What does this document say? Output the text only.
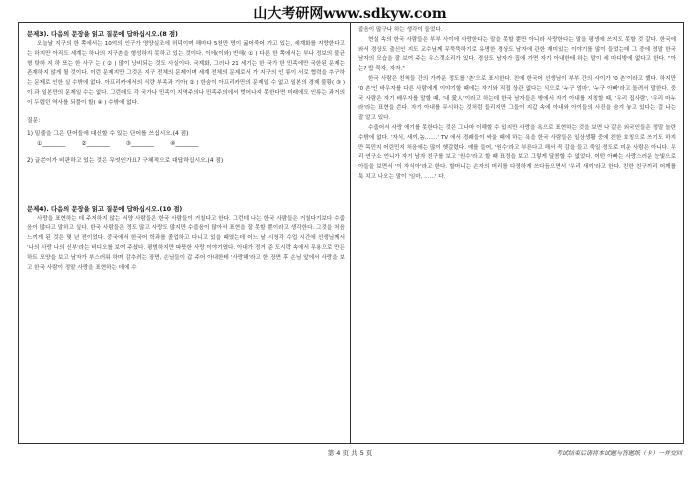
山大考研网www.sdkyw.com
문제3). 다음의 문장을 읽고 질문에 답하십시오.(8 점)

오늘날 지구의 한 쪽에서는 10억의 인구가 영양실조에 허덕이며 해마다 5천만 명이 굶어죽어 가고 있는, 세계화를 지향한다고는 하지만 아직도 세계는 하나의 지구촌을 형성하지 못하고 있는 것이다. 이에(이와) 반해( ① ) 다른 한 쪽에서는 부나 정보의 불균형 탓하 지 하 또는 한 사구 는 ( ② ) 많이 낭비되는 것도 사실이다. 국제화, 그러나 21 세기는 한 국가 한 민족에만 국한된 문제는 존재하지 않게 될 것이다. 이런 문제지만 그것은 지구 전체의 문제이며 세계 전체의 문제로서 가 지구의 인 류이 서로 협력을 추구하는 문제로 인한 실 수밖에 없다. 아프리카에서의 식량 부족과 기아( ② ) 한숨이 아프리카만의 문제일 수 없고 일본의 경제 불황( ③ ) 이 과 일본만의 문제일 수는 없다. 그런데도 각 국가나 민족이 지역주의나 민족주의에서 벗어나지 못한다면 미래에도 인류는 과거의 이 두렵던 역사를 되풀이 할( ④ ) 수밖에 없다.

질문:
1) 밑줄을 그은 단어들에 대신할 수 있는 단어를 쓰십시오.(4 점)
①________	②________	③________	④________
2) 글쓴이가 비판하고 있는 것은 무엇인가요? 구체적으로 대답하십시오.(4 점)
문제4). 다음의 문장을 읽고 질문에 답하십시오.(10 점)

사랑을 표현하는 데 주저하지 않는 서양 사람들은 한국 사람들이 거칠다고 한다. 그런데 나는 한국 사람들은 거칠다기보다 수줍음이 많다고 말하고 싶다. 한국 사람들은 정도 많고 사랑도 많지만 수줍음이 많아서 표현을 잘 못할 뿐이라고 생각한다. 그것을 처음 느끼게 된 것은 몇 년 전이었다. 중국에서 한국어 학과를 졸업하고 다니고 있을 때였는데 어느 날 시청각 수업 시간에 선생님께서 '나의 사랑 나의 신부'라는 비디오를 보여 주셨다. 평범하지만 따뜻한 사랑 이야기였다. 아내가 정거 준 도시락 속에서 무용으로 만든 하트 모양을 보고 남자가 부스러워 하며 감추려는 장면, 손님들이 갑 주어 아내한테 '사랑해'라고 한 장면 후 손님 앞에서 사랑을 보고 한국 사람이 정말 사랑을 표현하는 데에 수

줍음이 많구나 하는 생각이 들었다.

현실 속의 한국 사람들은 부부 사이에 사랑한다는 말을 못할 뿐만 아니라 사랑한다는 말을 평생에 쓰지도 못할 것 같다. 한국에 와서 경상도 출신인 지도 교수님께 무뚝뚝하기로 유명한 경상도 남자에 관한 재미있는 이야기를 많이 들었는데 그 중에 정말 한국 남자의 모습을 잘 보여 주는 우스갯소리가 있다. 경상도 남자가 집에 가면 자기 아내한테 하는 말이 세 마디밖에 없다고 한다. "아는? 밥 묵자, 자자."

한국 사람은 친척들 간의 가까운 정도를 '촌'으로 표시한다. 친에 한국어 선생님이 부부 간의 사이가 '0 촌'이라고 했다. 하지만 '0 촌'인 바우자를 다른 사람에게 이야기할 때에는 자기와 직접 상관 없다는 식으로 '누구 엄마', '누구 아빠'라고 돌려서 말한다. 중국 사람은 자기 배우자를 말할 때, '내 愛人'이라고 하는데 한국 남자들은 밖에서 자기 아내를 지칭할 때, '우리 집사람', '우리 마누라'라는 표현을 쓴다. 자기 아내를 무시하는 것처럼 들리지만 그들이 지갑 속에 아내와 아이들의 사진을 숨겨 놓고 있다는 걸 나는 잘 알고 있다.

수줍어서 사랑 에기를 못한다는 것은 그나마 이해할 수 있지만 사랑을 욕으로 표현하는 것을 보면 나 같은 외국인들은 정말 놀란 수밖에 없다. '자식, 새끼,놈,......' TV 에서 경쾌들이 싸울 때에 하는 욕을 한국 사람들은 일상생활 중에 친한 호칭으로 쓰기도 하지만 목민지 어린민지 처음에는 많이 헷갈렸다. 예를 들어, '원수'라고 부른다고 해서 꼭 감을 들고 죽일 정도로 미운 사람은 아니다. 우리 연구소 언니가 자기 남자 친구를 보고 '원수'라고 할 때 표정을 보고 그렇게 달콤할 수 없었다. 어떤 아빠는 사랑스러운 눈빛으로 아들을 보면서 '이 자식아'라고 한다. 할머니는 손자의 머리를 다정하게 쓰다듬으면서 '우리 새끼'라고 한다. 친한 친구끼리 어깨를 툭 치고 나오는 말이 '임마, ......' 다.

第 4 页 共 5 页	考试结束后请将本试题与答题纸（卡）一并交回
